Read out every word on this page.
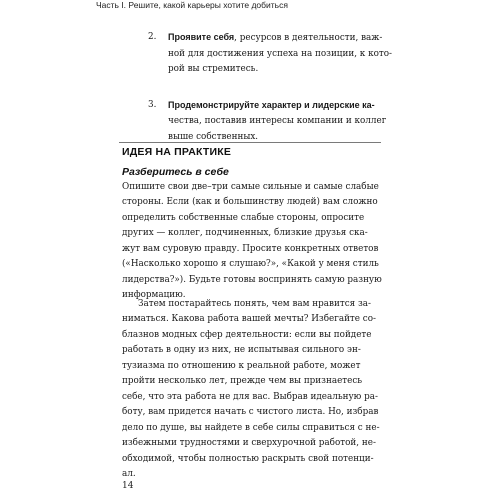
Часть I. Решите, какой карьеры хотите добиться
2. Проявите себя, ресурсов в деятельности, важ-
ной для достижения успеха на позиции, к кото-
рой вы стремитесь.
3. Продемонстрируйте характер и лидерские ка-
чества, поставив интересы компании и коллег
выше собственных.
ИДЕЯ НА ПРАКТИКЕ
Разберитесь в себе
Опишите свои две–три самые сильные и самые слабые
стороны. Если (как и большинству людей) вам сложно
определить собственные слабые стороны, опросите
других — коллег, подчиненных, близкие друзья ска-
жут вам суровую правду. Просите конкретных ответов
(«Насколько хорошо я слушаю?», «Какой у меня стиль
лидерства?»). Будьте готовы воспринять самую разную
информацию.
Затем постарайтесь понять, чем вам нравится за-
ниматься. Какова работа вашей мечты? Избегайте со-
блазнов модных сфер деятельности: если вы пойдете
работать в одну из них, не испытывая сильного эн-
тузиазма по отношению к реальной работе, может
пройти несколько лет, прежде чем вы признаетесь
себе, что эта работа не для вас. Выбрав идеальную ра-
боту, вам придется начать с чистого листа. Но, избрав
дело по душе, вы найдете в себе силы справиться с не-
избежными трудностями и сверхурочной работой, не-
обходимой, чтобы полностью раскрыть свой потенци-
ал.
14
